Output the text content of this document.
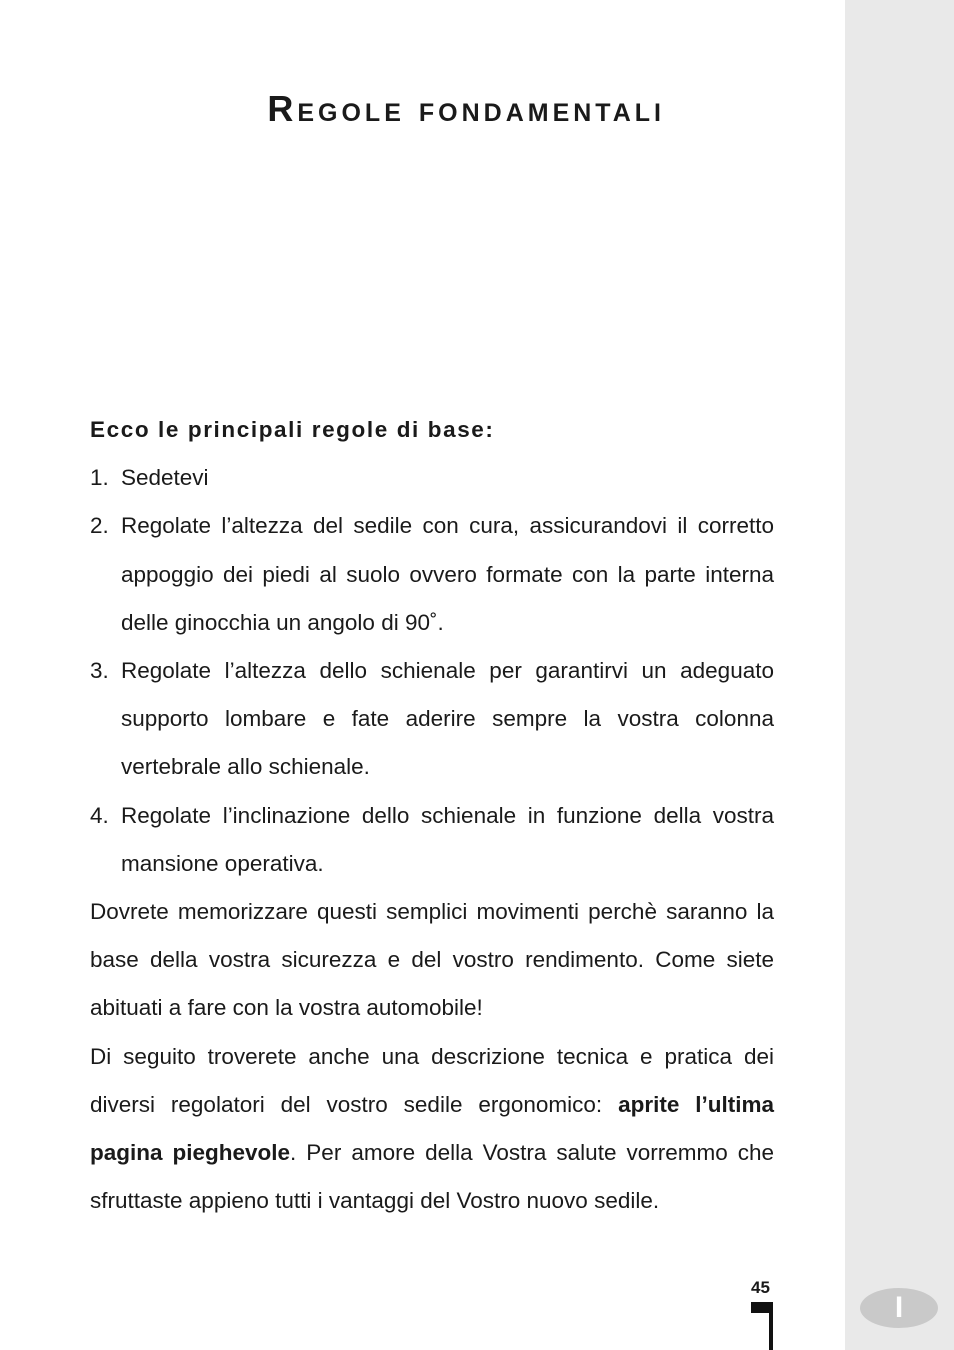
Regole fondamentali

Ecco le principali regole di base:

1. Sedetevi
2. Regolate l’altezza del sedile con cura, assicurandovi il corretto appoggio dei piedi al suolo ovvero formate con la parte interna delle ginocchia un angolo di 90˚.
3. Regolate l’altezza dello schienale per garantirvi un adeguato supporto lombare e fate aderire sempre la vostra colonna vertebrale allo schienale.
4. Regolate l’inclinazione dello schienale in funzione della vostra mansione operativa.

Dovrete memorizzare questi semplici movimenti perchè saranno la base della vostra sicurezza e del vostro rendimento. Come siete abituati a fare con la vostra automobile!

Di seguito troverete anche una descrizione tecnica e pratica dei diversi regolatori del vostro sedile ergonomico: aprite l’ultima pagina pieghevole. Per amore della Vostra salute vorremmo che sfruttaste appieno tutti i vantaggi del Vostro nuovo sedile.

45
I
